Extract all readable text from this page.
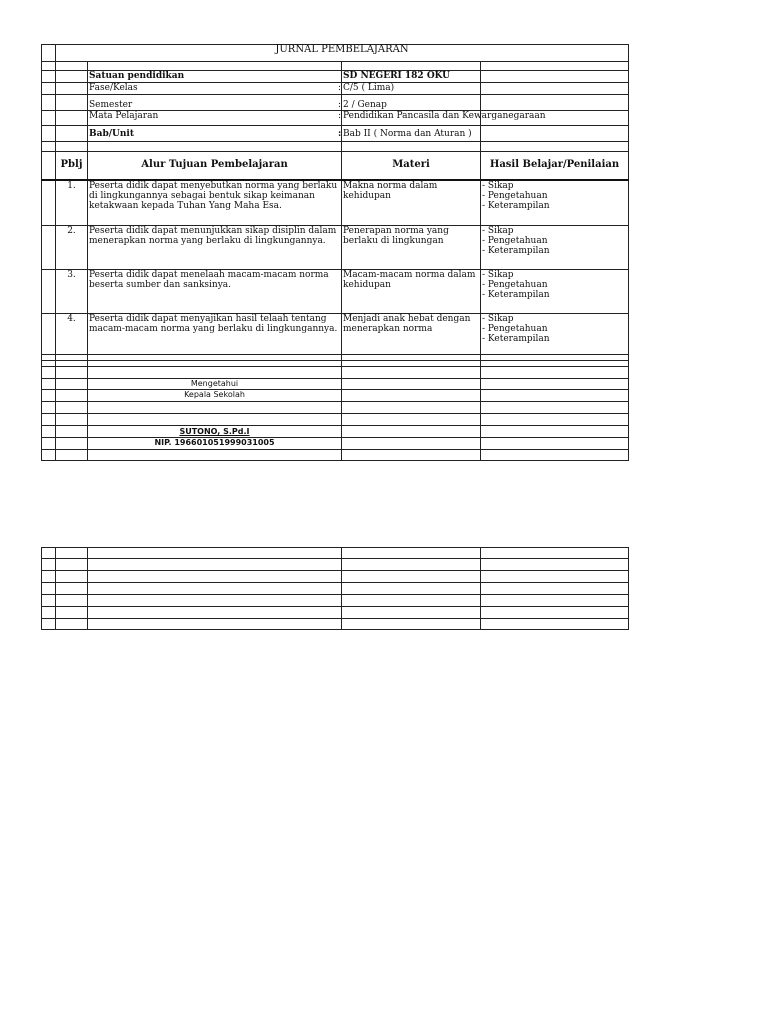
	JURNAL PEMBELAJARAN			

		Satuan pendidikan	SD NEGERI 182 OKU	
		Fase/Kelas	: C/5 ( Lima)	
		Semester	: 2 / Genap	
		Mata Pelajaran	: Pendidikan Pancasila dan Kewarganegaraan	
		Bab/Unit	: Bab II ( Norma dan Aturan )	

	Pblj	Alur Tujuan Pembelajaran	Materi	Hasil Belajar/Penilaian
	1.	Peserta didik dapat menyebutkan norma yang berlaku di lingkungannya sebagai bentuk sikap keimanan ketakwaan kepada Tuhan Yang Maha Esa.	Makna norma dalam kehidupan	- Sikap
- Pengetahuan
- Keterampilan

	2.	Peserta didik dapat menunjukkan sikap disiplin dalam menerapkan norma yang berlaku di lingkungannya.	Penerapan norma yang berlaku di lingkungan	- Sikap
- Pengetahuan
- Keterampilan

	3.	Peserta didik dapat menelaah macam-macam norma beserta sumber dan sanksinya.	Macam-macam norma dalam kehidupan	- Sikap
- Pengetahuan
- Keterampilan

	4.	Peserta didik dapat menyajikan hasil telaah tentang macam-macam norma yang berlaku di lingkungannya.	Menjadi anak hebat dengan menerapkan norma	- Sikap
- Pengetahuan
- Keterampilan

		Mengetahui		
		Kepala Sekolah		

		SUTONO, S.Pd.I		
		NIP. 196601051999031005		
